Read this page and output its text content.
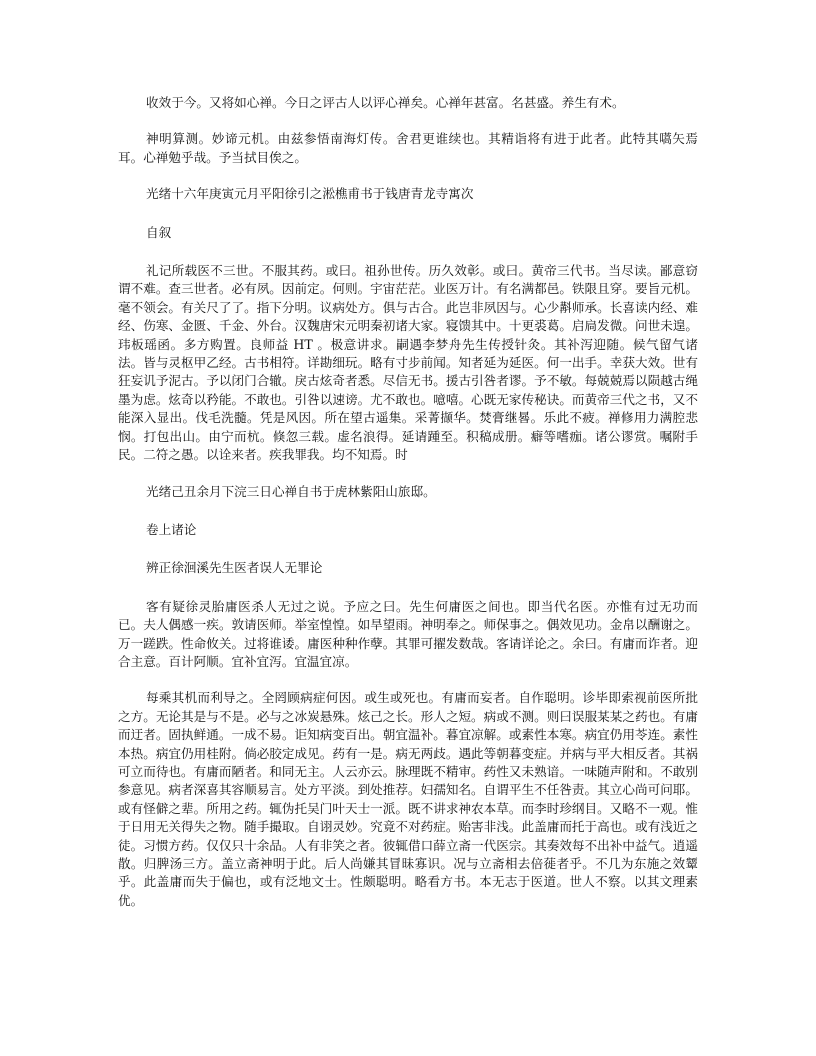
收效于今。又将如心禅。今日之评古人以评心禅矣。心禅年甚富。名甚盛。养生有术。

神明算测。妙谛元机。由兹参悟南海灯传。舍君更谁续也。其精诣将有进于此者。此特其嚆矢焉耳。心禅勉乎哉。予当拭目俟之。

光绪十六年庚寅元月平阳徐引之淞樵甫书于钱唐青龙寺寓次

自叙

礼记所载医不三世。不服其药。或曰。祖孙世传。历久效彰。或曰。黄帝三代书。当尽读。鄙意窃谓不难。查三世者。必有夙。因前定。何则。宇宙茫茫。业医万计。有名满都邑。铁限且穿。要旨元机。毫不领会。有关尺了了。指下分明。议病处方。俱与古合。此岂非夙因与。心少斠师承。长喜读内经、难经、伤寒、金匮、千金、外台。汉魏唐宋元明秦初诸大家。寝馈其中。十更裘葛。启扃发微。问世未遑。玮板瑶函。多方购置。良师益 HT 。极意讲求。嗣遇李梦舟先生传授针灸。其补泻迎随。候气留气诸法。皆与灵枢甲乙经。古书相符。详勘细玩。略有寸步前闻。知者延为延医。何一出手。幸获大效。世有狂妄讥予泥古。予以闭门合辙。戾古炫奇者悉。尽信无书。援古引咎者谬。予不敏。每兢兢焉以陨越古绳墨为虑。炫奇以矜能。不敢也。引咎以速谤。尤不敢也。噫嘻。心既无家传秘诀。而黄帝三代之书，又不能深入显出。伐毛洗髓。凭是风因。所在望古遥集。采菁撷华。焚膏继晷。乐此不疲。禅修用力满腔悲悯。打包出山。由宁而杭。倏忽三载。虚名浪得。延请踵至。积稿成册。癖等嗜痂。诸公谬赏。嘱附手民。二符之愚。以诠来者。疾我罪我。均不知焉。时

光绪己丑余月下浣三日心禅自书于虎林紫阳山旅邸。

卷上诸论

辨正徐洄溪先生医者误人无罪论

客有疑徐灵胎庸医杀人无过之说。予应之曰。先生何庸医之间也。即当代名医。亦惟有过无功而已。夫人偶感一疾。敦请医师。举室惶惶。如旱望雨。神明奉之。师保事之。偶效见功。金帛以酬谢之。万一蹉跌。性命攸关。过将谁诿。庸医种种作孽。其罪可擢发数哉。客请详论之。余曰。有庸而诈者。迎合主意。百计阿顺。宜补宜泻。宜温宜凉。

每乘其机而利导之。全罔顾病症何因。或生或死也。有庸而妄者。自作聪明。诊毕即索视前医所批之方。无论其是与不是。必与之冰炭悬殊。炫己之长。形人之短。病或不测。则曰误服某某之药也。有庸而迂者。固执鲜通。一成不易。讵知病变百出。朝宜温补。暮宜凉解。或素性本寒。病宜仍用苓连。素性本热。病宜仍用桂附。倘必胶定成见。药有一是。病无两歧。遇此等朝暮变症。并病与平大相反者。其祸可立而待也。有庸而陋者。和同无主。人云亦云。脉理既不精审。药性又未熟谙。一味随声附和。不敢别参意见。病者深喜其容顺易言。处方平淡。到处推荐。妇孺知名。自谓平生不任咎责。其立心尚可问耶。或有怪僻之辈。所用之药。辄伪托吴门叶天士一派。既不讲求神农本草。而李时珍纲目。又略不一观。惟于日用无关得失之物。随手撮取。自诩灵妙。究竟不对药症。贻害非浅。此盖庸而托于高也。或有浅近之徒。习惯方药。仅仅只十余品。人有非笑之者。彼辄借口薛立斋一代医宗。其奏效每不出补中益气。逍遥散。归脾汤三方。盖立斋神明于此。后人尚嫌其冒昧寡识。况与立斋相去倍蓰者乎。不几为东施之效颦乎。此盖庸而失于偏也，或有泛地文士。性颇聪明。略看方书。本无志于医道。世人不察。以其文理素优。
